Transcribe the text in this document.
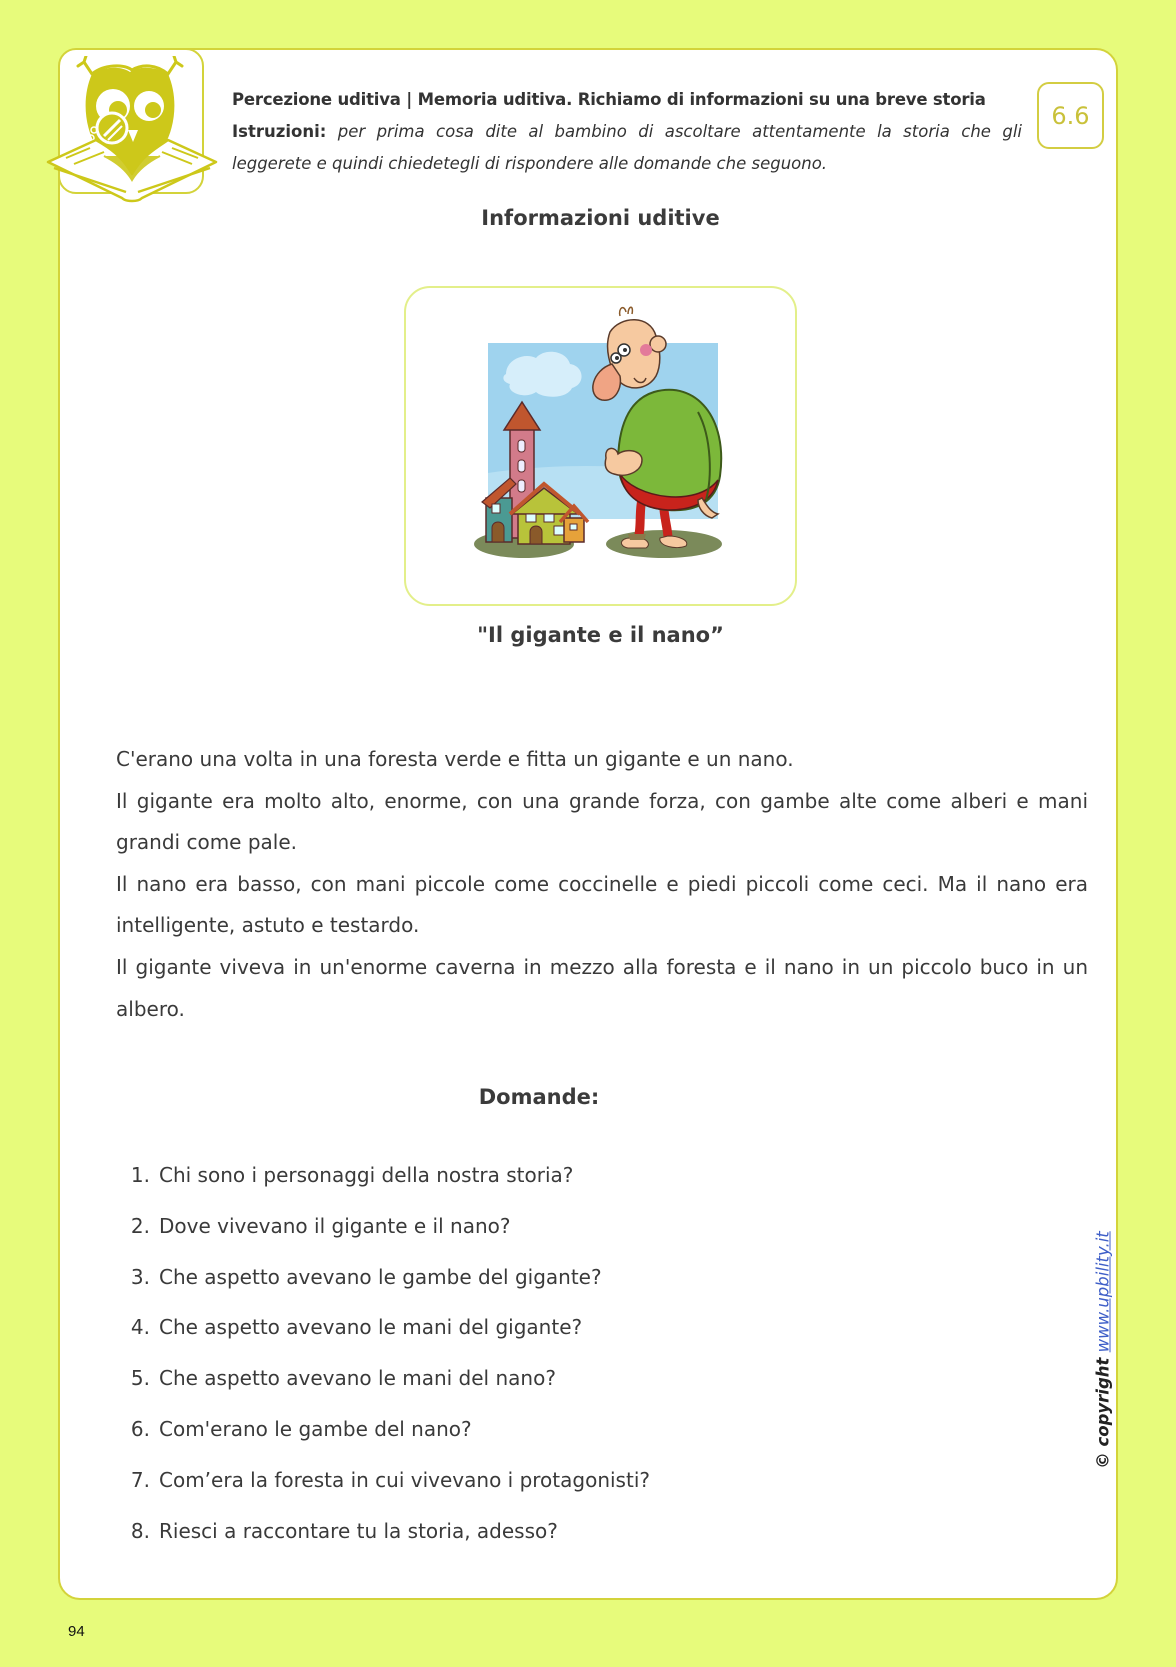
Percezione uditiva | Memoria uditiva. Richiamo di informazioni su una breve storia
Istruzioni: per prima cosa dite al bambino di ascoltare attentamente la storia che gli leggerete e quindi chiedetegli di rispondere alle domande che seguono.
6.6
Informazioni uditive
"Il gigante e il nano”

C'erano una volta in una foresta verde e fitta un gigante e un nano.

Il gigante era molto alto, enorme, con una grande forza, con gambe alte come alberi e mani grandi come pale.

Il nano era basso, con mani piccole come coccinelle e piedi piccoli come ceci. Ma il nano era intelligente, astuto e testardo.

Il gigante viveva in un'enorme caverna in mezzo alla foresta e il nano in un piccolo buco in un albero.

Domande:
1. Chi sono i personaggi della nostra storia?
2. Dove vivevano il gigante e il nano?
3. Che aspetto avevano le gambe del gigante?
4. Che aspetto avevano le mani del gigante?
5. Che aspetto avevano le mani del nano?
6. Com'erano le gambe del nano?
7. Com’era la foresta in cui vivevano i protagonisti?
8. Riesci a raccontare tu la storia, adesso?
© copyright www.upbility.it
94
